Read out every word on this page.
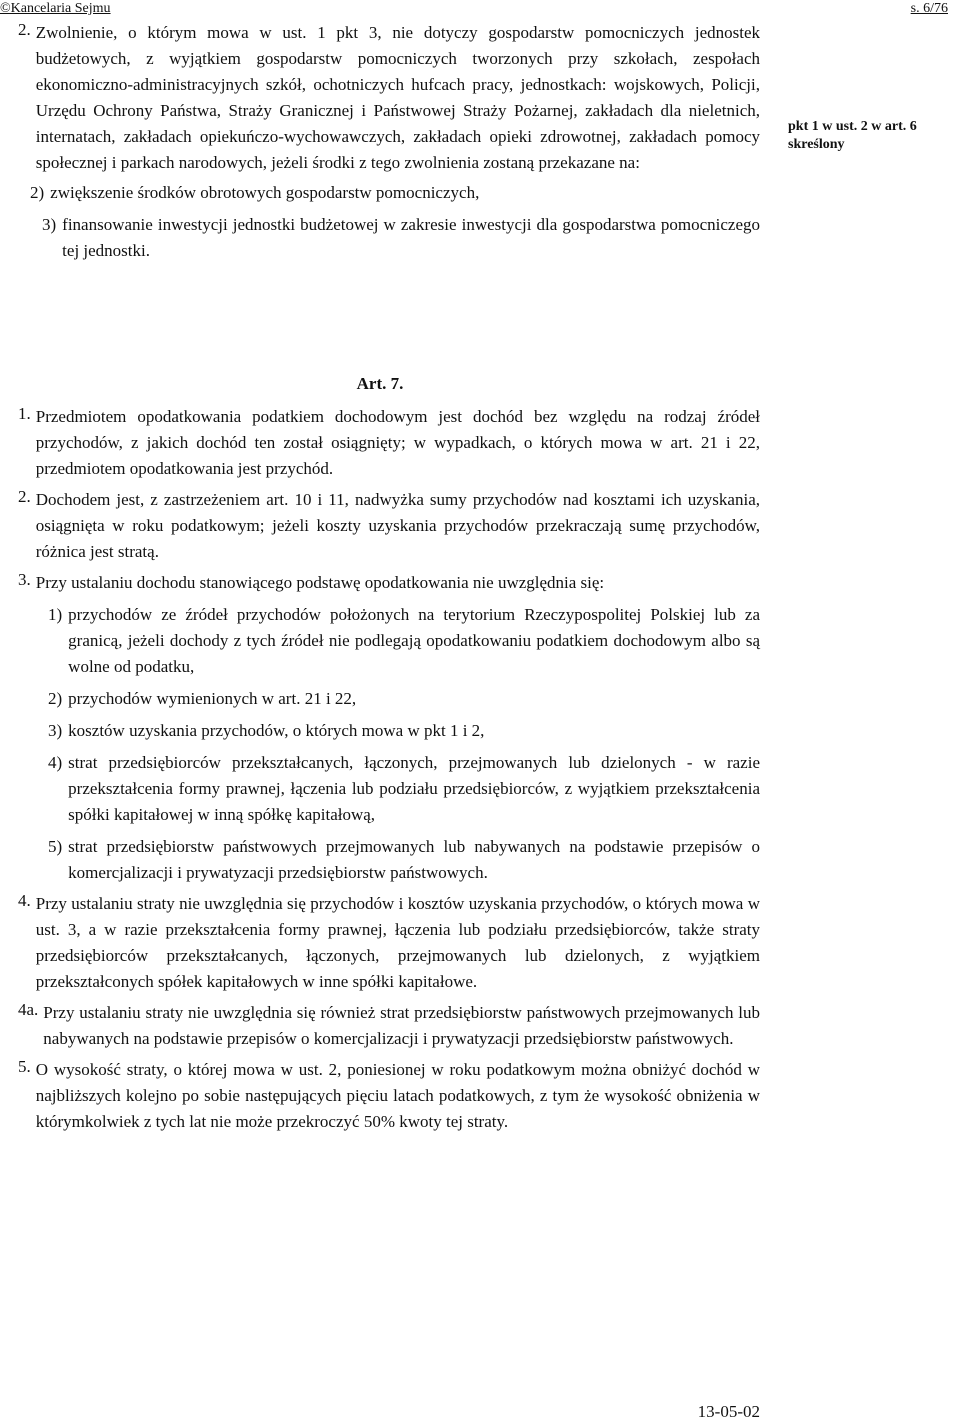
©Kancelaria Sejmu	s. 6/76
2. Zwolnienie, o którym mowa w ust. 1 pkt 3, nie dotyczy gospodarstw pomocniczych jednostek budżetowych, z wyjątkiem gospodarstw pomocniczych tworzonych przy szkołach, zespołach ekonomiczno-administracyjnych szkół, ochotniczych hufcach pracy, jednostkach: wojskowych, Policji, Urzędu Ochrony Państwa, Straży Granicznej i Państwowej Straży Pożarnej, zakładach dla nieletnich, internatach, zakładach opiekuńczo-wychowawczych, zakładach opieki zdrowotnej, zakładach pomocy społecznej i parkach narodowych, jeżeli środki z tego zwolnienia zostaną przekazane na:
2) zwiększenie środków obrotowych gospodarstw pomocniczych,
3) finansowanie inwestycji jednostki budżetowej w zakresie inwestycji dla gospodarstwa pomocniczego tej jednostki.
pkt 1 w ust. 2 w art. 6
skreślony
Art. 7.
1. Przedmiotem opodatkowania podatkiem dochodowym jest dochód bez względu na rodzaj źródeł przychodów, z jakich dochód ten został osiągnięty; w wypadkach, o których mowa w art. 21 i 22, przedmiotem opodatkowania jest przychód.
2. Dochodem jest, z zastrzeżeniem art. 10 i 11, nadwyżka sumy przychodów nad kosztami ich uzyskania, osiągnięta w roku podatkowym; jeżeli koszty uzyskania przychodów przekraczają sumę przychodów, różnica jest stratą.
3. Przy ustalaniu dochodu stanowiącego podstawę opodatkowania nie uwzględnia się:
1) przychodów ze źródeł przychodów położonych na terytorium Rzeczypospolitej Polskiej lub za granicą, jeżeli dochody z tych źródeł nie podlegają opodatkowaniu podatkiem dochodowym albo są wolne od podatku,
2) przychodów wymienionych w art. 21 i 22,
3) kosztów uzyskania przychodów, o których mowa w pkt 1 i 2,
4) strat przedsiębiorców przekształcanych, łączonych, przejmowanych lub dzielonych - w razie przekształcenia formy prawnej, łączenia lub podziału przedsiębiorców, z wyjątkiem przekształcenia spółki kapitałowej w inną spółkę kapitałową,
5) strat przedsiębiorstw państwowych przejmowanych lub nabywanych na podstawie przepisów o komercjalizacji i prywatyzacji przedsiębiorstw państwowych.
4. Przy ustalaniu straty nie uwzględnia się przychodów i kosztów uzyskania przychodów, o których mowa w ust. 3, a w razie przekształcenia formy prawnej, łączenia lub podziału przedsiębiorców, także straty przedsiębiorców przekształcanych, łączonych, przejmowanych lub dzielonych, z wyjątkiem przekształconych spółek kapitałowych w inne spółki kapitałowe.
4a. Przy ustalaniu straty nie uwzględnia się również strat przedsiębiorstw państwowych przejmowanych lub nabywanych na podstawie przepisów o komercjalizacji i prywatyzacji przedsiębiorstw państwowych.
5. O wysokość straty, o której mowa w ust. 2, poniesionej w roku podatkowym można obniżyć dochód w najbliższych kolejno po sobie następujących pięciu latach podatkowych, z tym że wysokość obniżenia w którymkolwiek z tych lat nie może przekroczyć 50% kwoty tej straty.
13-05-02
